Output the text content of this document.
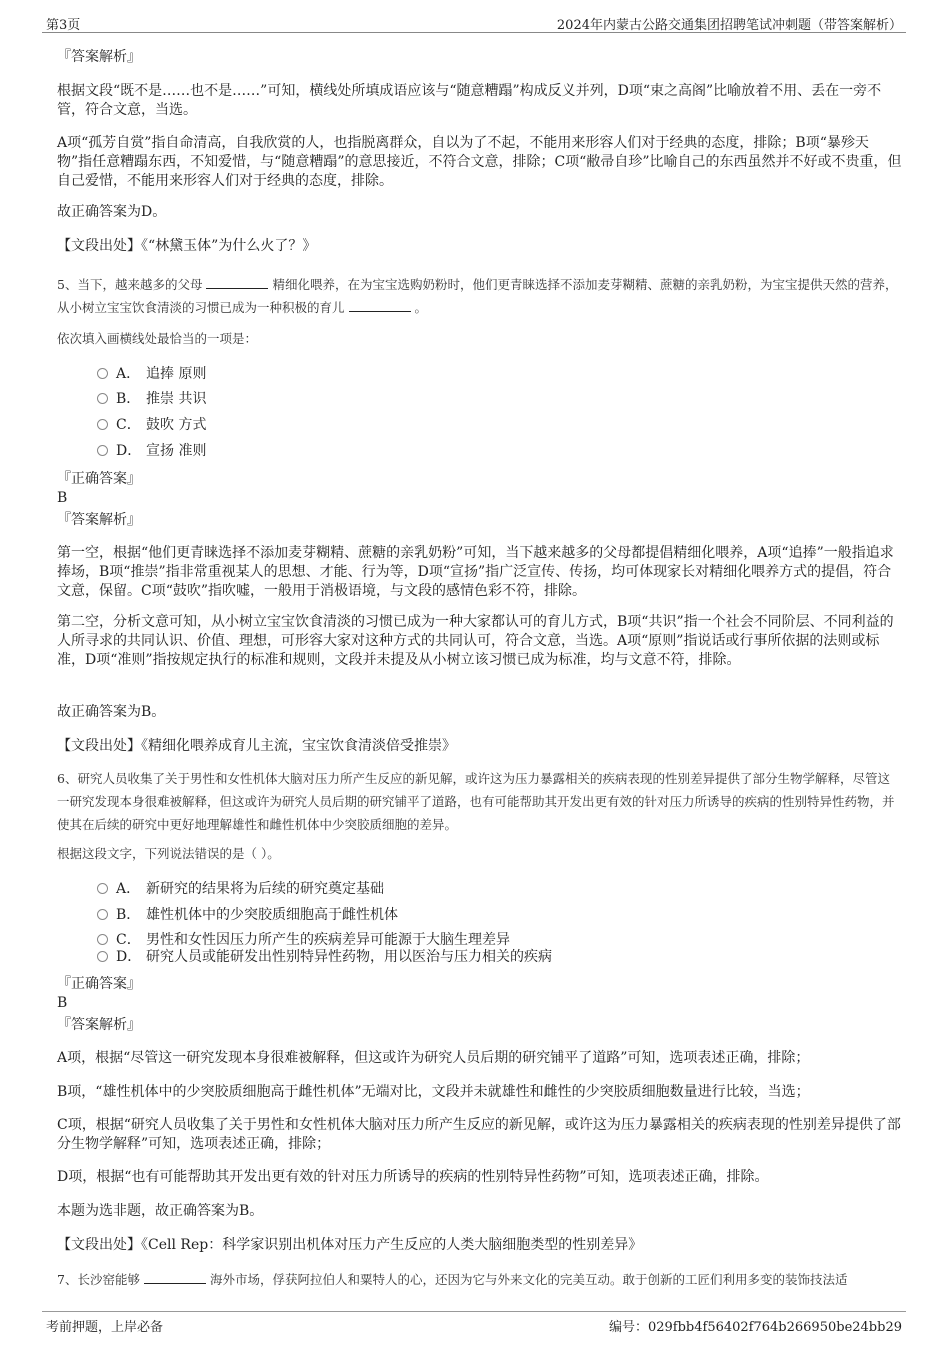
第3页	2024年内蒙古公路交通集团招聘笔试冲刺题（带答案解析）
『答案解析』
根据文段“既不是……也不是……”可知，横线处所填成语应该与“随意糟蹋”构成反义并列，D项“束之高阁”比喻放着不用、丢在一旁不管，符合文意，当选。
A项“孤芳自赏”指自命清高，自我欣赏的人，也指脱离群众，自以为了不起，不能用来形容人们对于经典的态度，排除；B项“暴殄天物”指任意糟蹋东西，不知爱惜，与“随意糟蹋”的意思接近，不符合文意，排除；C项“敝帚自珍”比喻自己的东西虽然并不好或不贵重，但自己爱惜，不能用来形容人们对于经典的态度，排除。
故正确答案为D。
【文段出处】《“林黛玉体”为什么火了？》
5、当下，越来越多的父母	精细化喂养，在为宝宝选购奶粉时，他们更青睐选择不添加麦芽糊精、蔗糖的亲乳奶粉，为宝宝提供天然的营养，从小树立宝宝饮食清淡的习惯已成为一种积极的育儿	。
依次填入画横线处最恰当的一项是：
A． 追捧 原则
B． 推崇 共识
C． 鼓吹 方式
D． 宣扬 准则
『正确答案』
B
『答案解析』
第一空，根据“他们更青睐选择不添加麦芽糊精、蔗糖的亲乳奶粉”可知，当下越来越多的父母都提倡精细化喂养，A项“追捧”一般指追求捧场，B项“推崇”指非常重视某人的思想、才能、行为等，D项“宣扬”指广泛宣传、传扬，均可体现家长对精细化喂养方式的提倡，符合文意，保留。C项“鼓吹”指吹嘘，一般用于消极语境，与文段的感情色彩不符，排除。
第二空，分析文意可知，从小树立宝宝饮食清淡的习惯已成为一种大家都认可的育儿方式，B项“共识”指一个社会不同阶层、不同利益的人所寻求的共同认识、价值、理想，可形容大家对这种方式的共同认可，符合文意，当选。A项“原则”指说话或行事所依据的法则或标准，D项“准则”指按规定执行的标准和规则，文段并未提及从小树立该习惯已成为标准，均与文意不符，排除。
故正确答案为B。
【文段出处】《精细化喂养成育儿主流，宝宝饮食清淡倍受推崇》
6、研究人员收集了关于男性和女性机体大脑对压力所产生反应的新见解，或许这为压力暴露相关的疾病表现的性别差异提供了部分生物学解释，尽管这一研究发现本身很难被解释，但这或许为研究人员后期的研究铺平了道路，也有可能帮助其开发出更有效的针对压力所诱导的疾病的性别特异性药物，并使其在后续的研究中更好地理解雄性和雌性机体中少突胶质细胞的差异。
根据这段文字，下列说法错误的是（ ）。
A． 新研究的结果将为后续的研究奠定基础
B． 雄性机体中的少突胶质细胞高于雌性机体
C． 男性和女性因压力所产生的疾病差异可能源于大脑生理差异
D． 研究人员或能研发出性别特异性药物，用以医治与压力相关的疾病
『正确答案』
B
『答案解析』
A项，根据“尽管这一研究发现本身很难被解释，但这或许为研究人员后期的研究铺平了道路”可知，选项表述正确，排除；
B项，“雄性机体中的少突胶质细胞高于雌性机体”无端对比，文段并未就雄性和雌性的少突胶质细胞数量进行比较，当选；
C项，根据“研究人员收集了关于男性和女性机体大脑对压力所产生反应的新见解，或许这为压力暴露相关的疾病表现的性别差异提供了部分生物学解释”可知，选项表述正确，排除；
D项，根据“也有可能帮助其开发出更有效的针对压力所诱导的疾病的性别特异性药物”可知，选项表述正确，排除。
本题为选非题，故正确答案为B。
【文段出处】《Cell Rep：科学家识别出机体对压力产生反应的人类大脑细胞类型的性别差异》
7、长沙窑能够	海外市场，俘获阿拉伯人和粟特人的心，还因为它与外来文化的完美互动。敢于创新的工匠们利用多变的装饰技法适
考前押题，上岸必备	编号：029fbb4f56402f764b266950be24bb29
